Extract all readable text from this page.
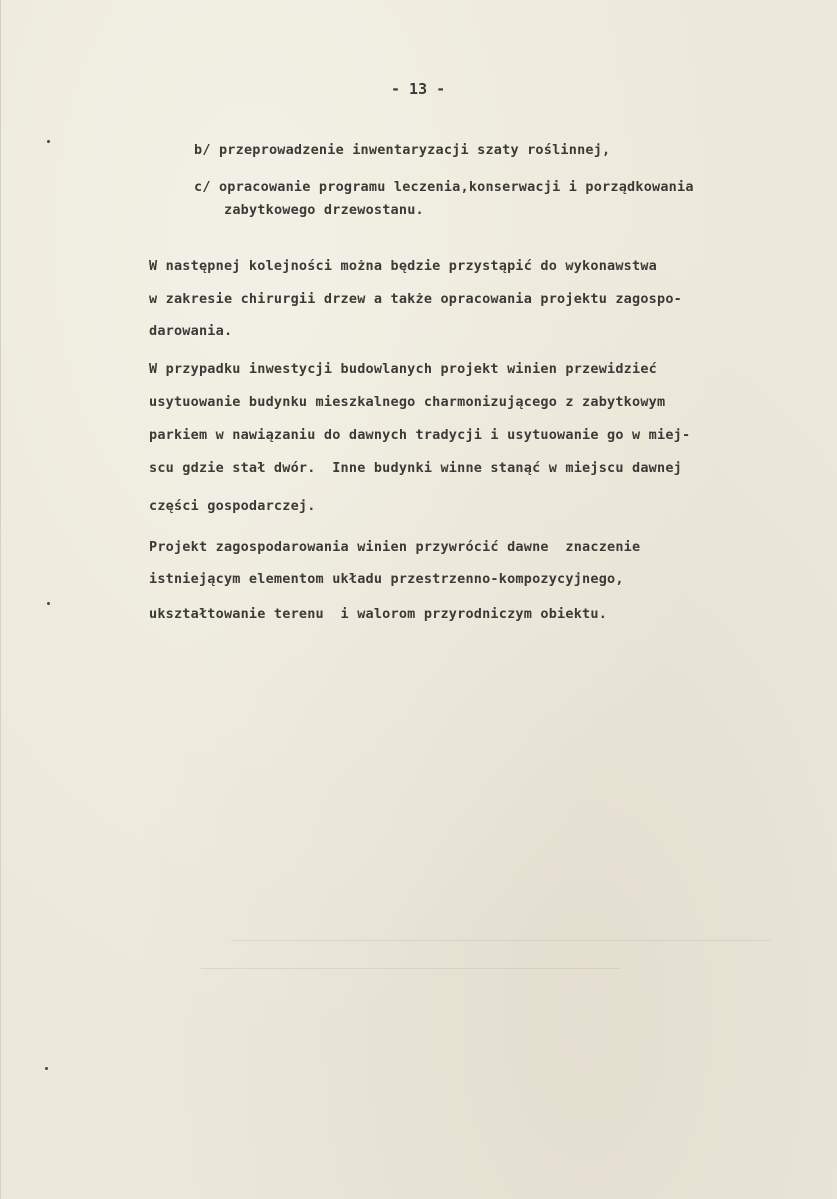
- 13 -
b/ przeprowadzenie inwentaryzacji szaty roślinnej,
c/ opracowanie programu leczenia,konserwacji i porządkowania
zabytkowego drzewostanu.
W następnej kolejności można będzie przystąpić do wykonawstwa
w zakresie chirurgii drzew a także opracowania projektu zagospo-
darowania.
W przypadku inwestycji budowlanych projekt winien przewidzieć
usytuowanie budynku mieszkalnego charmonizującego z zabytkowym
parkiem w nawiązaniu do dawnych tradycji i usytuowanie go w miej-
scu gdzie stał dwór.  Inne budynki winne stanąć w miejscu dawnej
części gospodarczej.
Projekt zagospodarowania winien przywrócić dawne  znaczenie
istniejącym elementom układu przestrzenno-kompozycyjnego,
ukształtowanie terenu  i walorom przyrodniczym obiektu.
